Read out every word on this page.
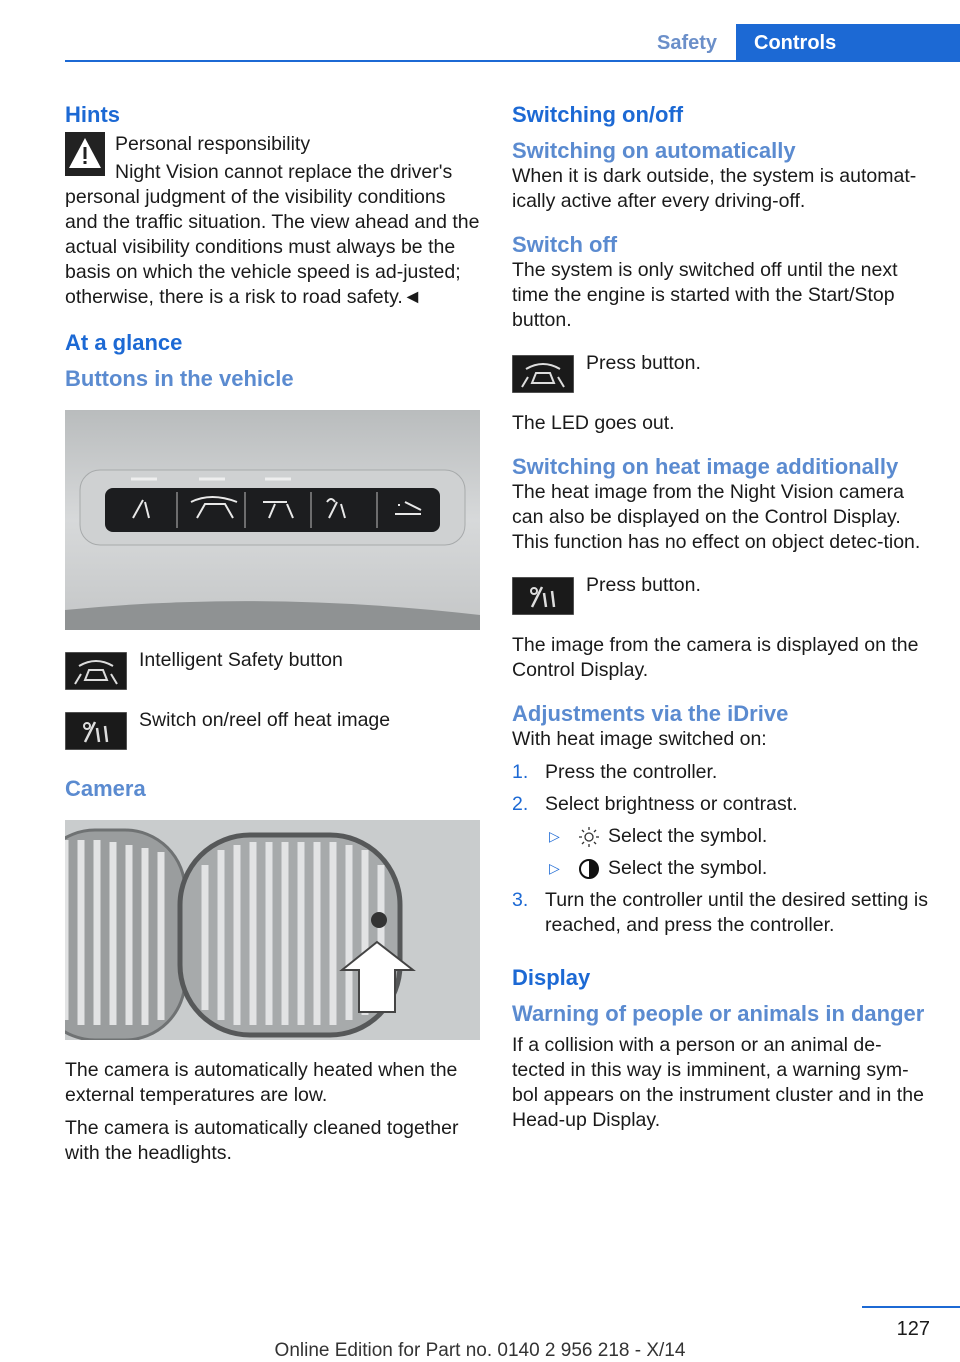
Safety	Controls
Hints

Personal responsibility

Night Vision cannot replace the driver's personal judgment of the visibility conditions and the traffic situation. The view ahead and the actual visibility conditions must always be the basis on which the vehicle speed is ad-justed; otherwise, there is a risk to road safety.◄

At a glance
Buttons in the vehicle

Intelligent Safety button

Switch on/reel off heat image

Camera

The camera is automatically heated when the external temperatures are low.

The camera is automatically cleaned together with the headlights.

Switching on/off
Switching on automatically

When it is dark outside, the system is automat-ically active after every driving-off.

Switch off

The system is only switched off until the next time the engine is started with the Start/Stop button.

Press button.

The LED goes out.

Switching on heat image additionally

The heat image from the Night Vision camera can also be displayed on the Control Display. This function has no effect on object detec-tion.

Press button.

The image from the camera is displayed on the Control Display.

Adjustments via the iDrive

With heat image switched on:

1. Press the controller.
2. Select brightness or contrast.
▷	Select the symbol.
▷	Select the symbol.
3. Turn the controller until the desired setting is reached, and press the controller.
Display
Warning of people or animals in danger

If a collision with a person or an animal de-tected in this way is imminent, a warning sym-bol appears on the instrument cluster and in the Head-up Display.

127
Online Edition for Part no. 0140 2 956 218 - X/14
